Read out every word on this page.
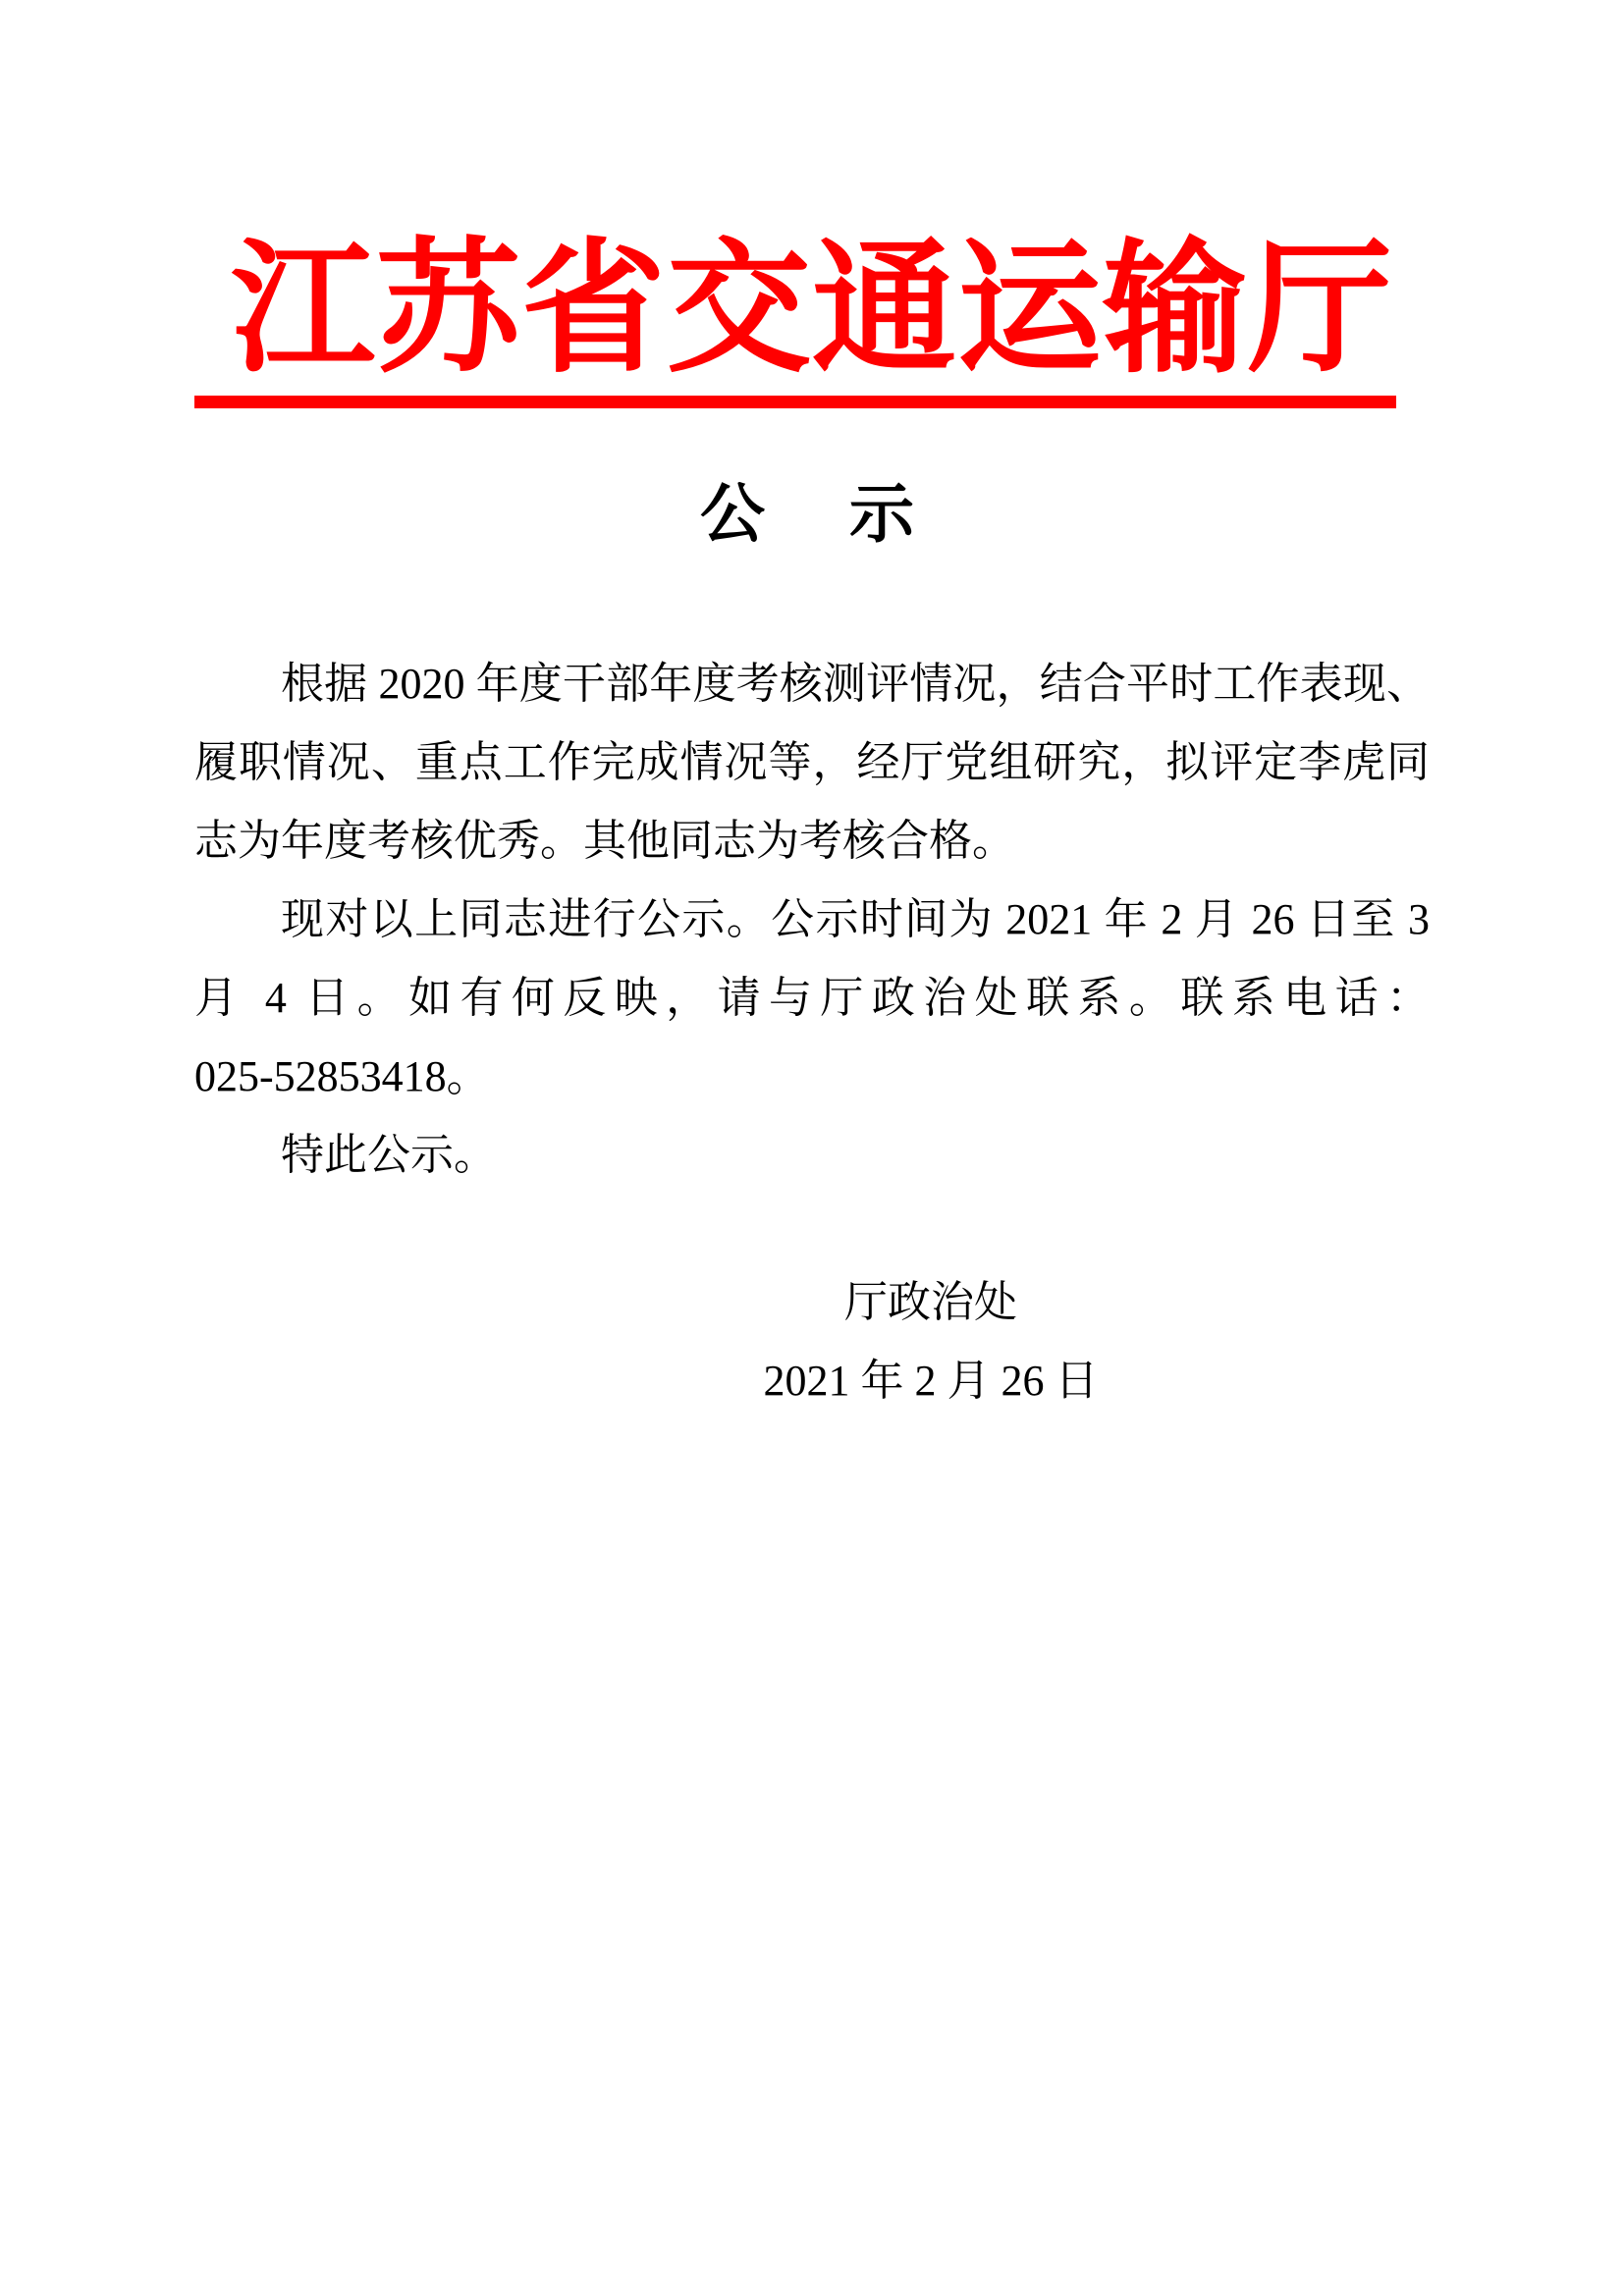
江苏省交通运输厅
公　示
根据 2020 年度干部年度考核测评情况，结合平时工作表现、
履职情况、重点工作完成情况等，经厅党组研究，拟评定李虎同
志为年度考核优秀。其他同志为考核合格。
现对以上同志进行公示。公示时间为 2021 年 2 月 26 日至 3
月 4 日。如有何反映，请与厅政治处联系。联系电话：
025-52853418。
特此公示。
厅政治处
2021 年 2 月 26 日
